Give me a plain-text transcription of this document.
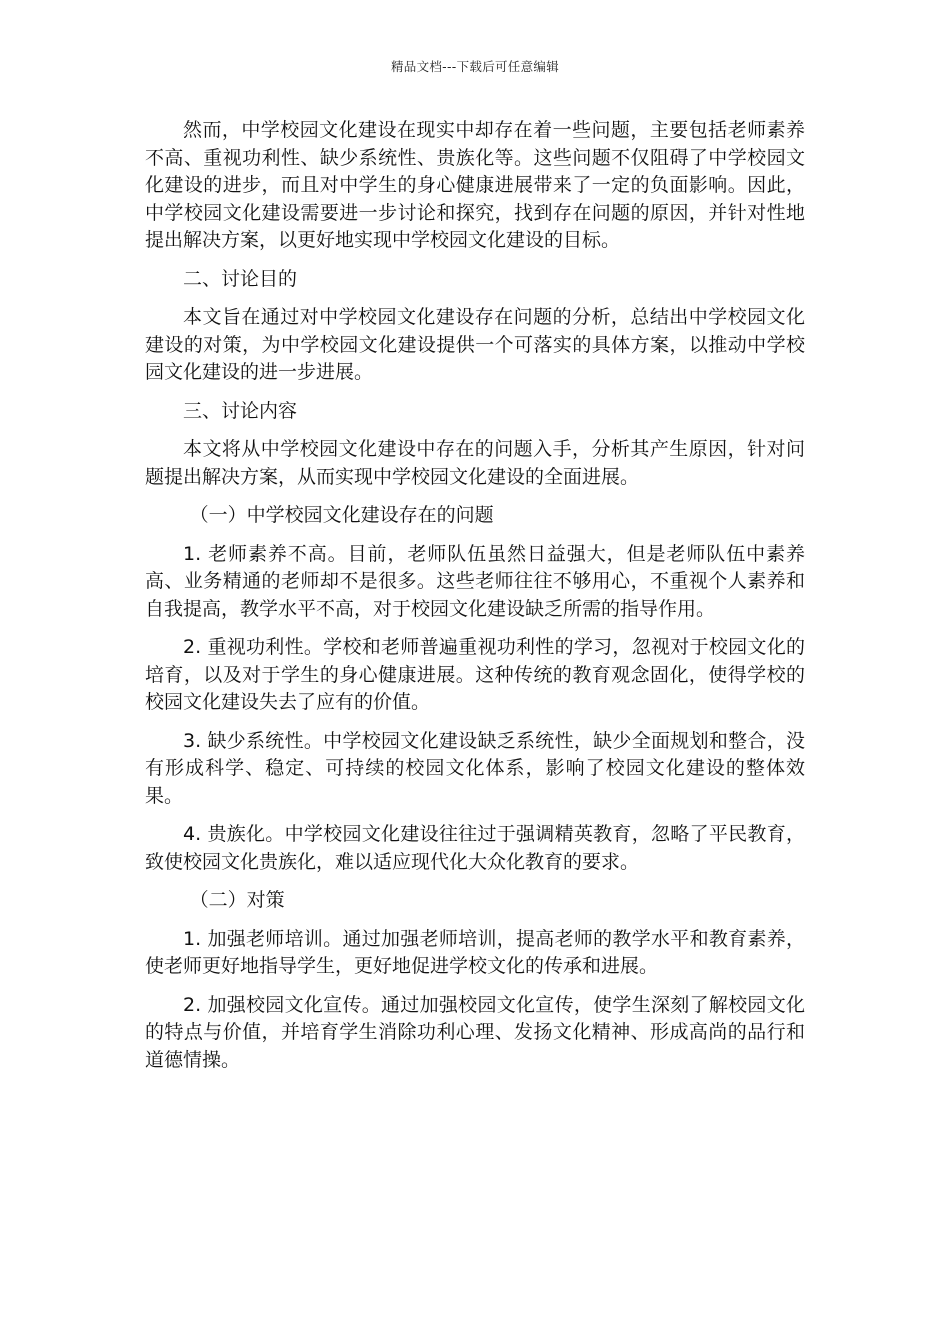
精品文档---下载后可任意编辑

然而，中学校园文化建设在现实中却存在着一些问题，主要包括老师素养不高、重视功利性、缺少系统性、贵族化等。这些问题不仅阻碍了中学校园文化建设的进步，而且对中学生的身心健康进展带来了一定的负面影响。因此，中学校园文化建设需要进一步讨论和探究，找到存在问题的原因，并针对性地提出解决方案，以更好地实现中学校园文化建设的目标。

二、讨论目的

本文旨在通过对中学校园文化建设存在问题的分析，总结出中学校园文化建设的对策，为中学校园文化建设提供一个可落实的具体方案，以推动中学校园文化建设的进一步进展。

三、讨论内容

本文将从中学校园文化建设中存在的问题入手，分析其产生原因，针对问题提出解决方案，从而实现中学校园文化建设的全面进展。

（一）中学校园文化建设存在的问题

1. 老师素养不高。目前，老师队伍虽然日益强大，但是老师队伍中素养高、业务精通的老师却不是很多。这些老师往往不够用心，不重视个人素养和自我提高，教学水平不高，对于校园文化建设缺乏所需的指导作用。

2. 重视功利性。学校和老师普遍重视功利性的学习，忽视对于校园文化的培育，以及对于学生的身心健康进展。这种传统的教育观念固化，使得学校的校园文化建设失去了应有的价值。

3. 缺少系统性。中学校园文化建设缺乏系统性，缺少全面规划和整合，没有形成科学、稳定、可持续的校园文化体系，影响了校园文化建设的整体效果。

4. 贵族化。中学校园文化建设往往过于强调精英教育，忽略了平民教育，致使校园文化贵族化，难以适应现代化大众化教育的要求。

（二）对策

1. 加强老师培训。通过加强老师培训，提高老师的教学水平和教育素养，使老师更好地指导学生，更好地促进学校文化的传承和进展。

2. 加强校园文化宣传。通过加强校园文化宣传，使学生深刻了解校园文化的特点与价值，并培育学生消除功利心理、发扬文化精神、形成高尚的品行和道德情操。
